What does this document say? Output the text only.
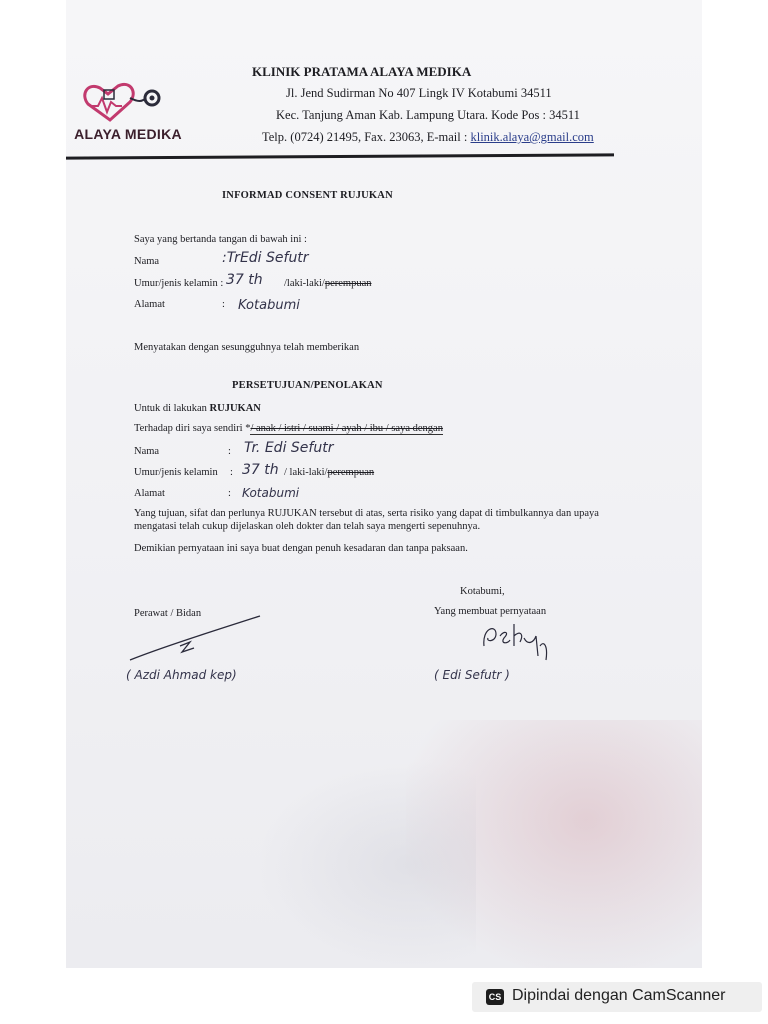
ALAYA MEDIKA
KLINIK PRATAMA ALAYA MEDIKA
Jl. Jend Sudirman No 407 Lingk IV Kotabumi 34511
Kec. Tanjung Aman Kab. Lampung Utara. Kode Pos : 34511
Telp. (0724) 21495, Fax. 23063, E-mail : klinik.alaya@gmail.com
INFORMAD CONSENT RUJUKAN
Saya yang bertanda tangan di bawah ini :
Nama	:TrEdi Sefutr
Umur/jenis kelamin : 37 th /laki-laki/perempuan
Alamat	: Kotabumi
Menyatakan dengan sesungguhnya telah memberikan
PERSETUJUAN/PENOLAKAN
Untuk di lakukan RUJUKAN
Terhadap diri saya sendiri */ anak / istri / suami / ayah / ibu / saya dengan
Nama	: Tr. Edi Sefutr
Umur/jenis kelamin : 37 th / laki-laki/perempuan
Alamat	: Kotabumi
Yang tujuan, sifat dan perlunya RUJUKAN tersebut di atas, serta risiko yang dapat di timbulkannya dan upaya
mengatasi telah cukup dijelaskan oleh dokter dan telah saya mengerti sepenuhnya.
Demikian pernyataan ini saya buat dengan penuh kesadaran dan tanpa paksaan.
Kotabumi,
Yang membuat pernyataan
Perawat / Bidan
( Azdi Ahmad kep)	( Edi Sefutr )
CS Dipindai dengan CamScanner
